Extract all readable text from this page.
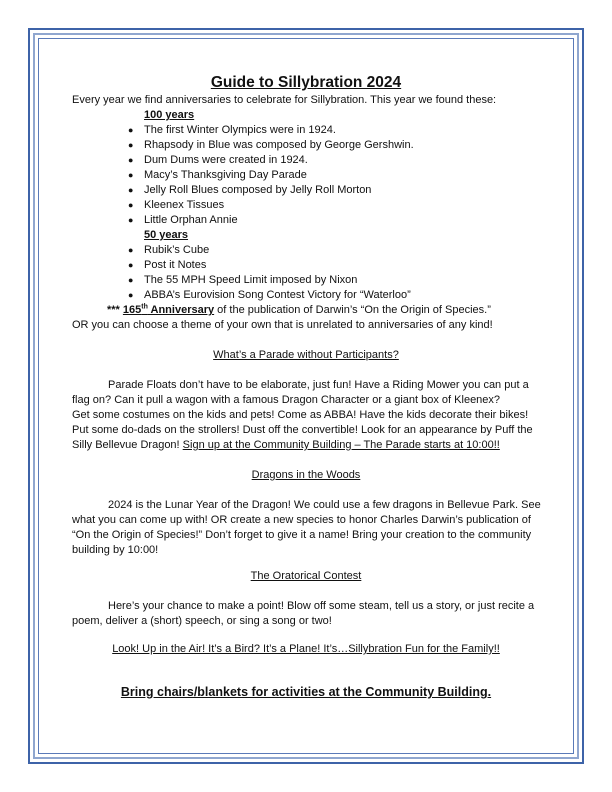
Guide to Sillybration 2024
Every year we find anniversaries to celebrate for Sillybration. This year we found these:
100 years
● The first Winter Olympics were in 1924.
● Rhapsody in Blue was composed by George Gershwin.
● Dum Dums were created in 1924.
● Macy’s Thanksgiving Day Parade
● Jelly Roll Blues composed by Jelly Roll Morton
● Kleenex Tissues
● Little Orphan Annie
50 years
● Rubik’s Cube
● Post it Notes
● The 55 MPH Speed Limit imposed by Nixon
● ABBA’s Eurovision Song Contest Victory for “Waterloo”
*** 165th Anniversary of the publication of Darwin’s “On the Origin of Species.”
OR you can choose a theme of your own that is unrelated to anniversaries of any kind!
What’s a Parade without Participants?
Parade Floats don’t have to be elaborate, just fun! Have a Riding Mower you can put a
flag on? Can it pull a wagon with a famous Dragon Character or a giant box of Kleenex?
Get some costumes on the kids and pets! Come as ABBA! Have the kids decorate their bikes!
Put some do-dads on the strollers! Dust off the convertible! Look for an appearance by Puff the
Silly Bellevue Dragon! Sign up at the Community Building – The Parade starts at 10:00!!
Dragons in the Woods
2024 is the Lunar Year of the Dragon! We could use a few dragons in Bellevue Park. See
what you can come up with! OR create a new species to honor Charles Darwin’s publication of
“On the Origin of Species!” Don’t forget to give it a name! Bring your creation to the community
building by 10:00!
The Oratorical Contest
Here’s your chance to make a point! Blow off some steam, tell us a story, or just recite a
poem, deliver a (short) speech, or sing a song or two!
Look! Up in the Air! It’s a Bird? It’s a Plane! It’s…Sillybration Fun for the Family!!
Bring chairs/blankets for activities at the Community Building.
